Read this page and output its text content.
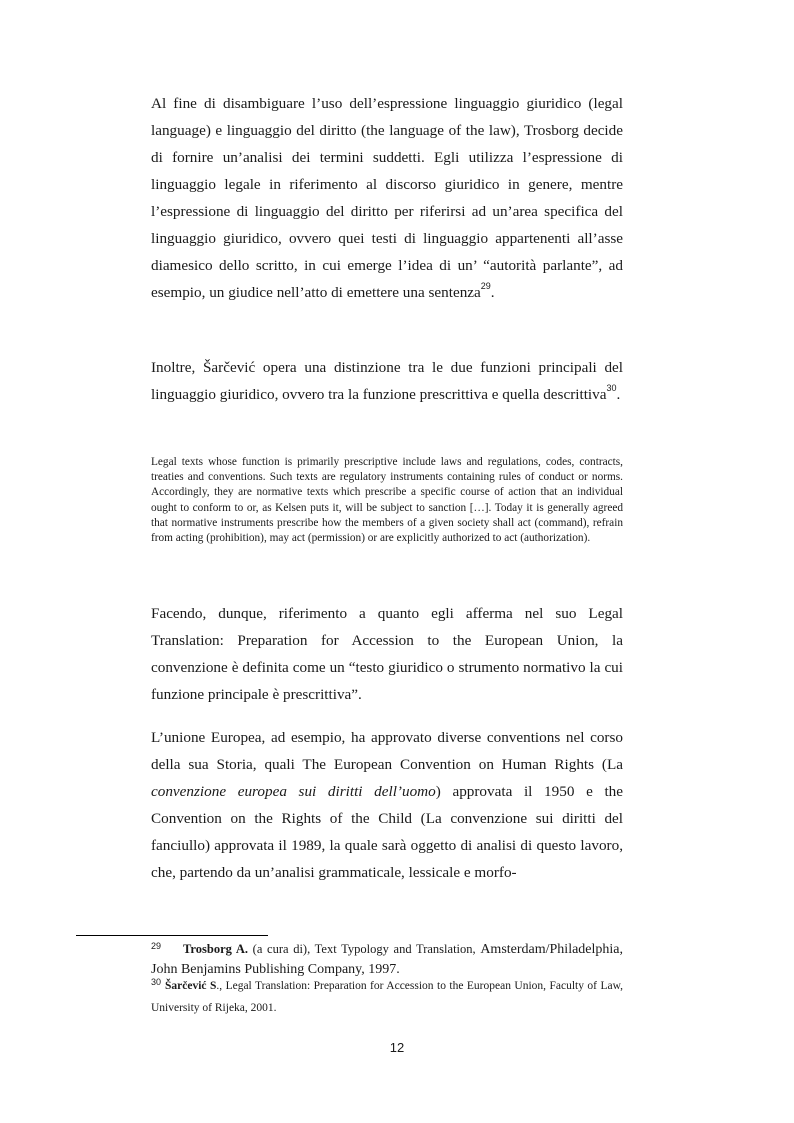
Al fine di disambiguare l’uso dell’espressione linguaggio giuridico (legal language) e linguaggio del diritto (the language of the law), Trosborg decide di fornire un’analisi dei termini suddetti. Egli utilizza l’espressione di linguaggio legale in riferimento al discorso giuridico in genere, mentre l’espressione di linguaggio del diritto per riferirsi ad un’area specifica del linguaggio giuridico, ovvero quei testi di linguaggio appartenenti all’asse diamesico dello scritto, in cui emerge l’idea di un’ “autorità parlante”, ad esempio, un giudice nell’atto di emettere una sentenza$^{29}$.

Inoltre, Šarčević opera una distinzione tra le due funzioni principali del linguaggio giuridico, ovvero tra la funzione prescrittiva e quella descrittiva$^{30}$.

Legal texts whose function is primarily prescriptive include laws and regulations, codes, contracts, treaties and conventions. Such texts are regulatory instruments containing rules of conduct or norms. Accordingly, they are normative texts which prescribe a specific course of action that an individual ought to conform to or, as Kelsen puts it, will be subject to sanction […]. Today it is generally agreed that normative instruments prescribe how the members of a given society shall act (command), refrain from acting (prohibition), may act (permission) or are explicitly authorized to act (authorization).

Facendo, dunque, riferimento a quanto egli afferma nel suo Legal Translation: Preparation for Accession to the European Union, la convenzione è definita come un “testo giuridico o strumento normativo la cui funzione principale è prescrittiva”.

L’unione Europea, ad esempio, ha approvato diverse conventions nel corso della sua Storia, quali The European Convention on Human Rights (La convenzione europea sui diritti dell’uomo) approvata il 1950 e the Convention on the Rights of the Child (La convenzione sui diritti del fanciullo) approvata il 1989, la quale sarà oggetto di analisi di questo lavoro, che, partendo da un’analisi grammaticale, lessicale e morfo-

$^{29}$ Trosborg A. (a cura di), Text Typology and Translation, Amsterdam/Philadelphia, John Benjamins Publishing Company, 1997.

$^{30}$ Šarčević S., Legal Translation: Preparation for Accession to the European Union, Faculty of Law, University of Rijeka, 2001.

12
